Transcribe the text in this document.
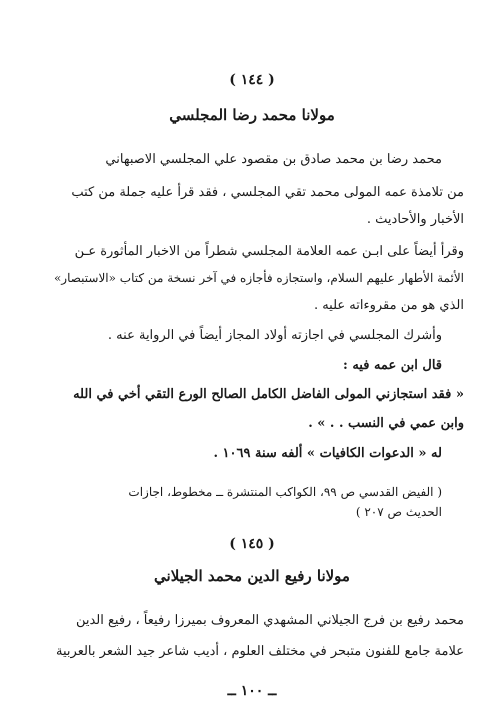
( ١٤٤ )
مولانا محمد رضا المجلسي
محمد رضا بن محمد صادق بن مقصود علي المجلسي الاصبهاني
من تلامذة عمه المولى محمد تقي المجلسي ، فقد قرأ عليه جملة من كتب
الأخبار والأحاديث .
وقرأ أيضاً على ابـن عمه العلامة المجلسي شطراً من الاخبار المأثورة عـن
الأئمة الأطهار عليهم السلام، واستجازه فأجازه في آخر نسخة من كتاب «الاستبصار»
الذي هو من مقروءاته عليه .
وأشرك المجلسي في اجازته أولاد المجاز أيضاً في الرواية عنه .
قال ابن عمه فيه :
« فقد استجازني المولى الفاضل الكامل الصالح الورع التقي أخي في الله
وابن عمي في النسب . . » .
له « الدعوات الكافيات » ألفه سنة ١٠٦٩ .
( الفيض القدسي ص ٩٩، الكواكب المنتشرة ــ مخطوط، اجازات
الحديث ص ٢٠٧ )
( ١٤٥ )
مولانا رفيع الدين محمد الجيلاني
محمد رفيع بن فرج الجيلاني المشهدي المعروف بميرزا رفيعاً ، رفيع الدين
علامة جامع للفنون متبحر في مختلف العلوم ، أديب شاعر جيد الشعر بالعربية
ــ ١٠٠ ــ
